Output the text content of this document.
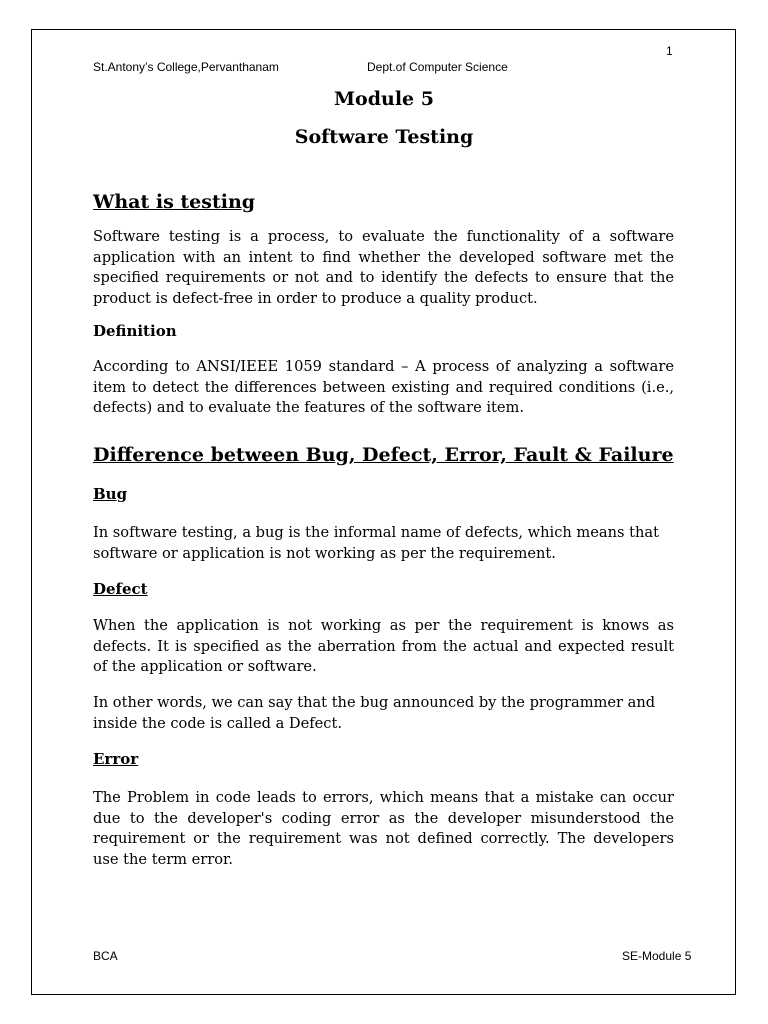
1
St.Antony’s College,Pervanthanam	Dept.of Computer Science
Module 5
Software Testing
What is testing

Software testing is a process, to evaluate the functionality of a software application with an intent to find whether the developed software met the specified requirements or not and to identify the defects to ensure that the product is defect-free in order to produce a quality product.

Definition

According to ANSI/IEEE 1059 standard – A process of analyzing a software item to detect the differences between existing and required conditions (i.e., defects) and to evaluate the features of the software item.

Difference between Bug, Defect, Error, Fault & Failure
Bug

In software testing, a bug is the informal name of defects, which means that software or application is not working as per the requirement.

Defect

When the application is not working as per the requirement is knows as defects. It is specified as the aberration from the actual and expected result of the application or software.

In other words, we can say that the bug announced by the programmer and inside the code is called a Defect.

Error

The Problem in code leads to errors, which means that a mistake can occur due to the developer's coding error as the developer misunderstood the requirement or the requirement was not defined correctly. The developers use the term error.

BCA	SE-Module 5
